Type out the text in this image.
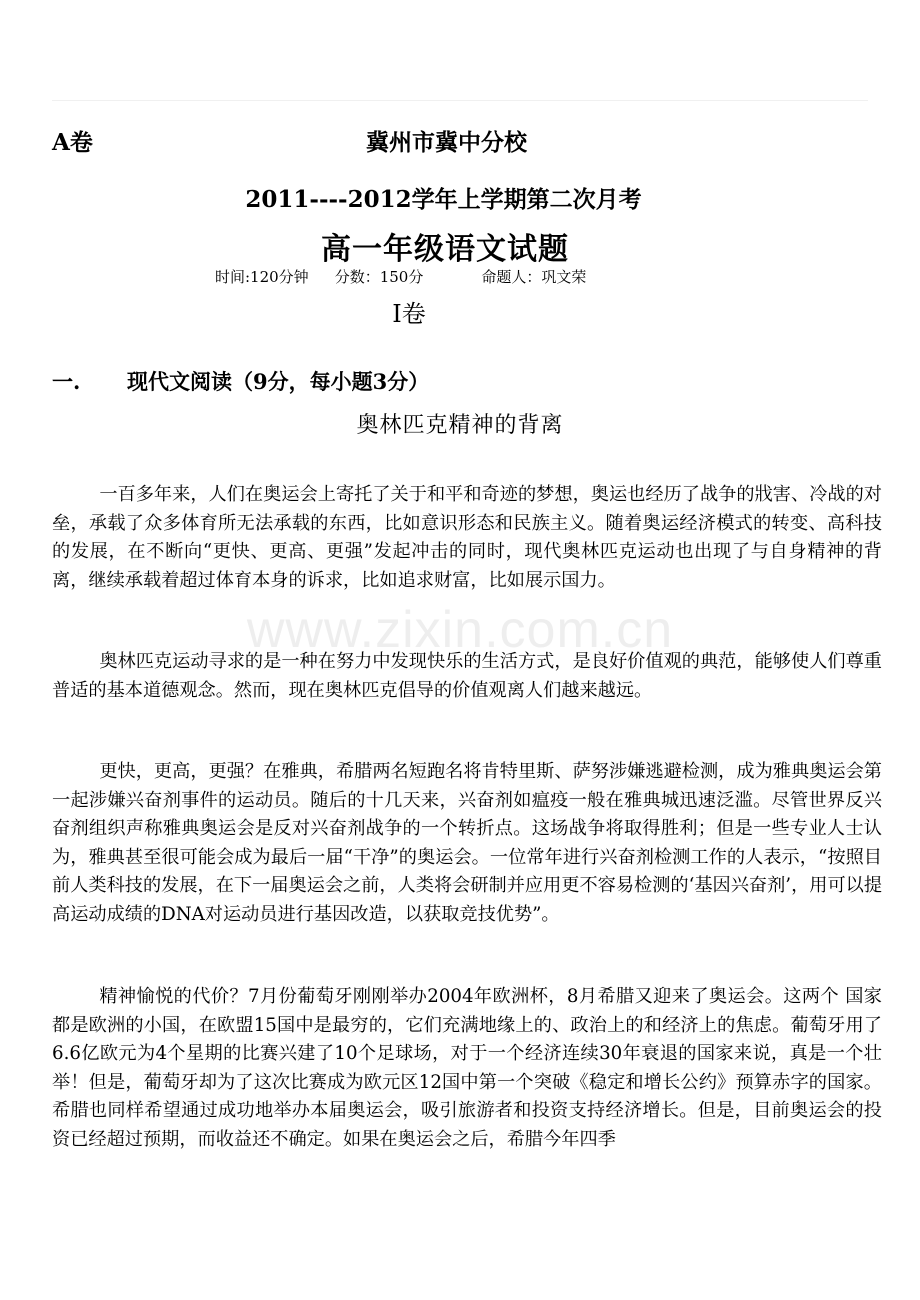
A卷	冀州市冀中分校
2011----2012学年上学期第二次月考
高一年级语文试题
时间:120分钟 分数：150分	命题人：巩文荣
Ⅰ卷
一. 现代文阅读（9分，每小题3分）
奥林匹克精神的背离

一百多年来，人们在奥运会上寄托了关于和平和奇迹的梦想，奥运也经历了战争的戕害、冷战的对垒，承载了众多体育所无法承载的东西，比如意识形态和民族主义。随着奥运经济模式的转变、高科技的发展，在不断向“更快、更高、更强”发起冲击的同时，现代奥林匹克运动也出现了与自身精神的背离，继续承载着超过体育本身的诉求，比如追求财富，比如展示国力。

奥林匹克运动寻求的是一种在努力中发现快乐的生活方式，是良好价值观的典范，能够使人们尊重普适的基本道德观念。然而，现在奥林匹克倡导的价值观离人们越来越远。

更快，更高，更强？在雅典，希腊两名短跑名将肯特里斯、萨努涉嫌逃避检测，成为雅典奥运会第一起涉嫌兴奋剂事件的运动员。随后的十几天来，兴奋剂如瘟疫一般在雅典城迅速泛滥。尽管世界反兴奋剂组织声称雅典奥运会是反对兴奋剂战争的一个转折点。这场战争将取得胜利；但是一些专业人士认为，雅典甚至很可能会成为最后一届“干净”的奥运会。一位常年进行兴奋剂检测工作的人表示，“按照目前人类科技的发展，在下一届奥运会之前，人类将会研制并应用更不容易检测的‘基因兴奋剂’，用可以提高运动成绩的DNA对运动员进行基因改造，以获取竞技优势”。

精神愉悦的代价？7月份葡萄牙刚刚举办2004年欧洲杯，8月希腊又迎来了奥运会。这两个 国家都是欧洲的小国，在欧盟15国中是最穷的，它们充满地缘上的、政治上的和经济上的焦虑。葡萄牙用了6.6亿欧元为4个星期的比赛兴建了10个足球场，对于一个经济连续30年衰退的国家来说，真是一个壮举！但是，葡萄牙却为了这次比赛成为欧元区12国中第一个突破《稳定和增长公约》预算赤字的国家。希腊也同样希望通过成功地举办本届奥运会，吸引旅游者和投资支持经济增长。但是，目前奥运会的投资已经超过预期，而收益还不确定。如果在奥运会之后，希腊今年四季

www.zixin.com.cn
